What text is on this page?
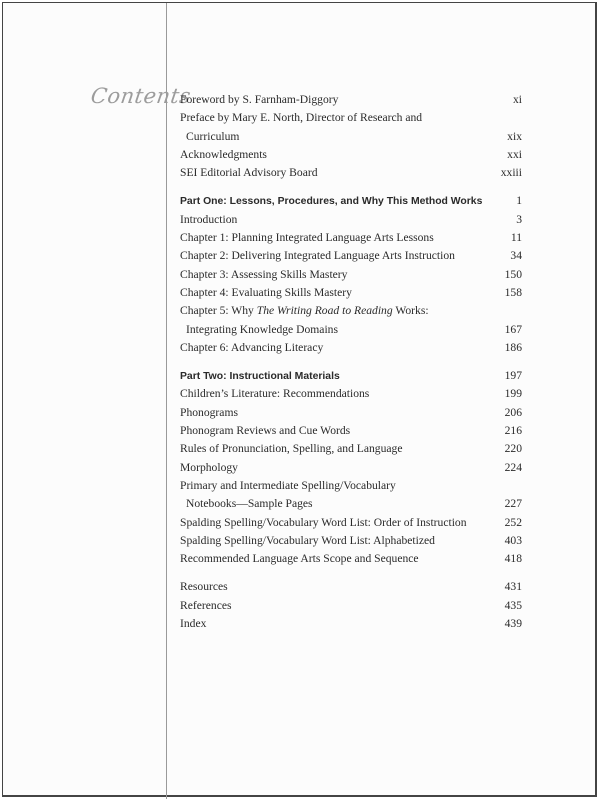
Contents
Foreword by S. Farnham-Diggory	xi
Preface by Mary E. North, Director of Research and
Curriculum	xix
Acknowledgments	xxi
SEI Editorial Advisory Board	xxiii
Part One: Lessons, Procedures, and Why This Method Works	1
Introduction	3
Chapter 1: Planning Integrated Language Arts Lessons	11
Chapter 2: Delivering Integrated Language Arts Instruction	34
Chapter 3: Assessing Skills Mastery	150
Chapter 4: Evaluating Skills Mastery	158
Chapter 5: Why The Writing Road to Reading Works:
Integrating Knowledge Domains	167
Chapter 6: Advancing Literacy	186
Part Two: Instructional Materials	197
Children’s Literature: Recommendations	199
Phonograms	206
Phonogram Reviews and Cue Words	216
Rules of Pronunciation, Spelling, and Language	220
Morphology	224
Primary and Intermediate Spelling/Vocabulary
Notebooks—Sample Pages	227
Spalding Spelling/Vocabulary Word List: Order of Instruction	252
Spalding Spelling/Vocabulary Word List: Alphabetized	403
Recommended Language Arts Scope and Sequence	418
Resources	431
References	435
Index	439
